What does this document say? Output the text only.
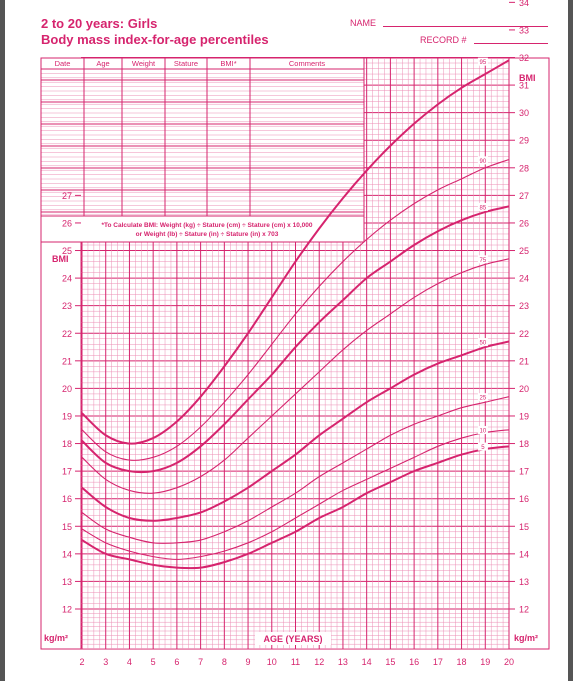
2 to 20 years: Girls
Body mass index-for-age percentiles
NAME
RECORD #
Date	Age	Weight	Stature	BMI*	Comments
*To Calculate BMI: Weight (kg) ÷ Stature (cm) ÷ Stature (cm) x 10,000
or Weight (lb) ÷ Stature (in) ÷ Stature (in) x 703
95
90
85
75
50
25
10
5
12
13
14
15
16
17
18
19
20
21
22
23
24
25
26
27
12
13
14
15
16
17
18
19
20
21
22
23
24
25
26
27
28
29
30
31
32
33
34
2 3 4 5 6 7 8 9 10 11 12 13 14 15 16 17 18 19 20
BMI
BMI
kg/m²	kg/m²
AGE (YEARS)
